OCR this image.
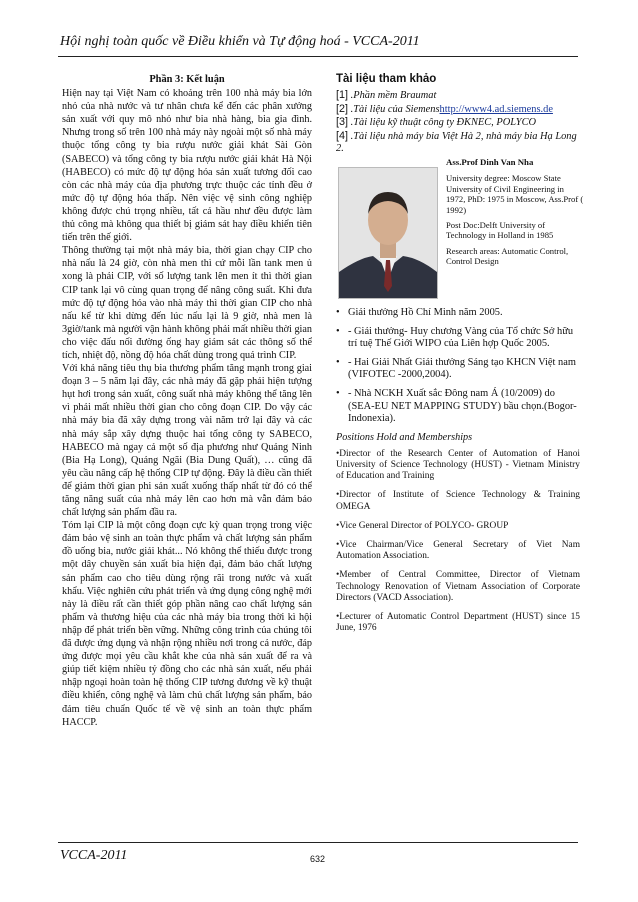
Hội nghị toàn quốc về Điều khiển và Tự động hoá - VCCA-2011
Phần 3: Kết luận

Hiện nay tại Việt Nam có khoảng trên 100 nhà máy bia lớn nhỏ của nhà nước và tư nhân chưa kể đến các phân xưởng sản xuất với quy mô nhỏ như bia nhà hàng, bia gia đình. Nhưng trong số trên 100 nhà máy này ngoài một số nhà máy thuộc tổng công ty bia rượu nước giải khát Sài Gòn (SABECO) và tổng công ty bia rượu nước giải khát Hà Nội (HABECO) có mức độ tự động hóa sản xuất tương đối cao còn các nhà máy của địa phương trực thuộc các tỉnh đều ở mức độ tự động hóa thấp. Nên việc vệ sinh công nghiệp không được chú trọng nhiều, tất cả hầu như đều được làm thủ công mà không qua thiết bị giám sát hay điều khiển tiên tiến trên thế giới.

Thông thường tại một nhà máy bia, thời gian chạy CIP cho nhà nấu là 24 giờ, còn nhà men thì cứ mỗi lần tank men ủ xong là phải CIP, với số lượng tank lên men ít thì thời gian CIP tank lại vô cùng quan trọng để nâng công suất. Khi đưa mức độ tự động hóa vào nhà máy thì thời gian CIP cho nhà nấu kể từ khi dừng đến lúc nấu lại là 9 giờ, nhà men là 3giờ/tank mà người vận hành không phải mất nhiều thời gian cho việc đấu nối đường ống hay giám sát các thông số thể tích, nhiệt độ, nồng độ hóa chất dùng trong quá trình CIP.

Với khả năng tiêu thụ bia thương phẩm tăng mạnh trong giai đoạn 3 – 5 năm lại đây, các nhà máy đã gặp phải hiện tượng hụt hơi trong sản xuất, công suất nhà máy không thể tăng lên vì phải mất nhiều thời gian cho công đoạn CIP. Do vậy các nhà máy bia đã xây dựng trong vài năm trở lại đây và các nhà máy sắp xây dựng thuộc hai tổng công ty SABECO, HABECO mà ngay cả một số địa phương như Quảng Ninh (Bia Hạ Long), Quảng Ngãi (Bia Dung Quất), … cũng đã yêu cầu nâng cấp hệ thống CIP tự động. Đây là điều cần thiết để giảm thời gian phi sản xuất xuống thấp nhất từ đó có thể tăng năng suất của nhà máy lên cao hơn mà vẫn đảm bảo chất lượng sản phẩm đầu ra.

Tóm lại CIP là một công đoạn cực kỳ quan trọng trong việc đảm bảo vệ sinh an toàn thực phẩm và chất lượng sản phẩm đồ uống bia, nước giải khát... Nó không thể thiếu được trong một dây chuyền sản xuất bia hiện đại, đảm bảo chất lượng sản phẩm cao cho tiêu dùng rộng rãi trong nước và xuất khẩu. Việc nghiên cứu phát triển và ứng dụng công nghệ mới này là điều rất cần thiết góp phần nâng cao chất lượng sản phẩm và thương hiệu của các nhà máy bia trong thời kì hội nhập để phát triển bền vững. Những công trình của chúng tôi đã được ứng dụng và nhận rộng nhiều nơi trong cả nước, đáp ứng được mọi yêu cầu khắt khe của nhà sản xuất để ra và giúp tiết kiệm nhiều tỷ đồng cho các nhà sản xuất, nếu phải nhập ngoại hoàn toàn hệ thống CIP tương đương về kỹ thuật điều khiển, công nghệ và làm chủ chất lượng sản phẩm, bảo đảm tiêu chuẩn Quốc tế về vệ sinh an toàn thực phẩm HACCP.

Tài liệu tham khảo

[1] .Phần mềm Braumat

[2] .Tài liệu của Siemenshttp://www4.ad.siemens.de

[3] .Tài liệu kỹ thuật công ty ĐKNEC, POLYCO

[4] .Tài liệu nhà máy bia Việt Hà 2, nhà máy bia Hạ Long 2.

Ass.Prof Dinh Van Nha

University degree: Moscow State University of Civil Engineering in 1972, PhD: 1975 in Moscow, Ass.Prof ( 1992)

Post Doc:Delft University of Technology in Holland in 1985

Research areas: Automatic Control, Control Design

• Giải thưởng Hồ Chí Minh năm 2005.
• - Giải thưởng- Huy chương Vàng của Tổ chức Sở hữu trí tuệ Thế Giới WIPO của Liên hợp Quốc 2005.
• - Hai Giải Nhất Giải thưởng Sáng tạo KHCN Việt nam (VIFOTEC -2000,2004).
• - Nhà NCKH Xuất sắc Đông nam Á (10/2009) do (SEA-EU NET MAPPING STUDY) bầu chọn.(Bogor-Indonexia).
Positions Hold and Memberships

•Director of the Research Center of Automation of Hanoi University of Science Technology (HUST) - Vietnam Ministry of Education and Training

•Director of Institute of Science Technology & Training OMEGA

•Vice General Director of POLYCO- GROUP

•Vice Chairman/Vice General Secretary of Viet Nam Automation Association.

•Member of Central Committee, Director of Vietnam Technology Renovation of Vietnam Association of Corporate Directors (VACD Association).

•Lecturer of Automatic Control Department (HUST) since 15 June, 1976

VCCA-2011	632
